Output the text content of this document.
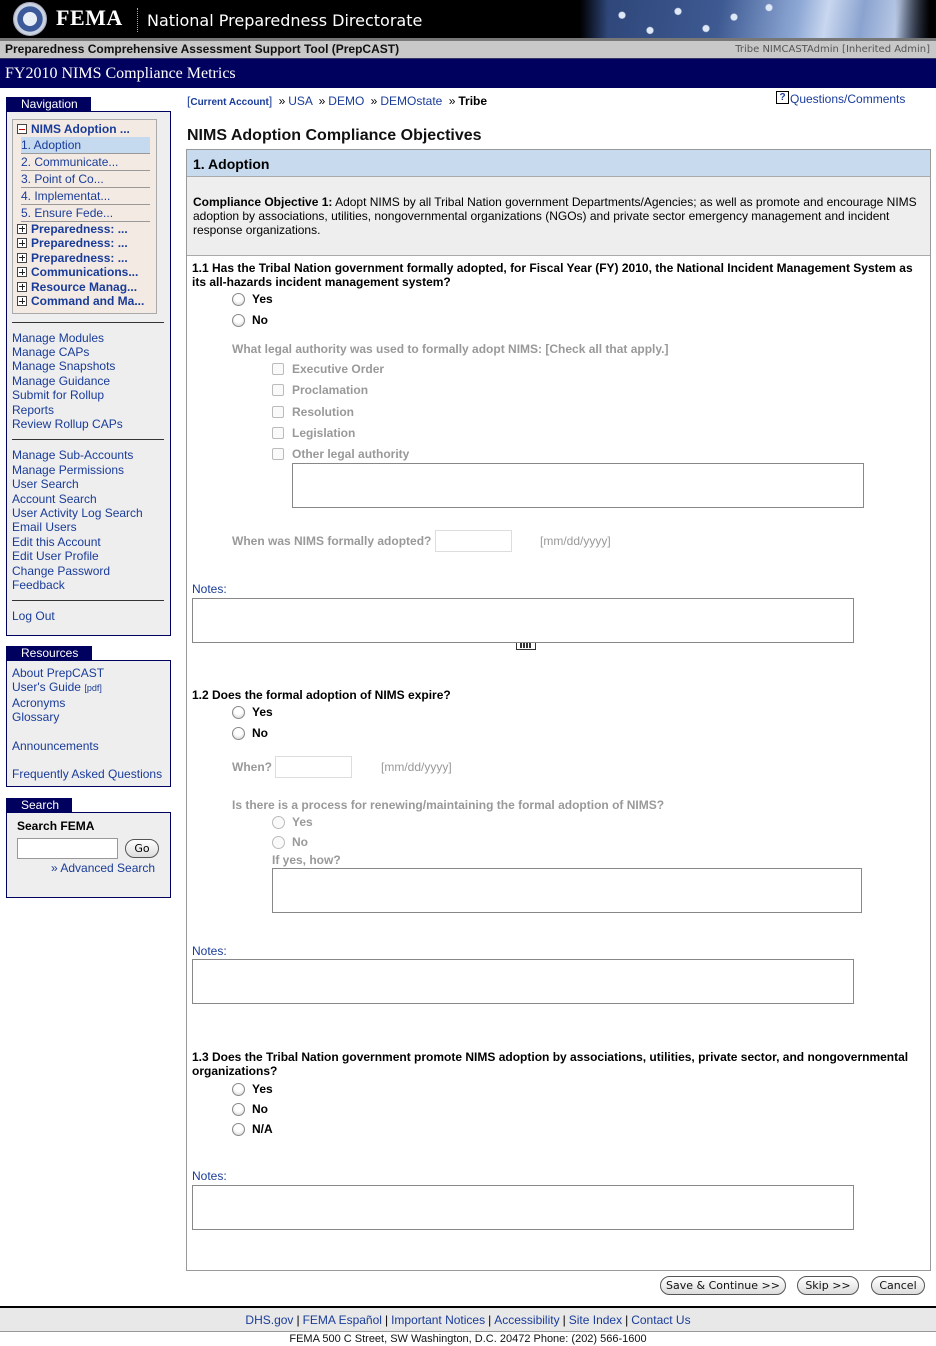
FEMA National Preparedness Directorate
Preparedness Comprehensive Assessment Support Tool (PrepCAST)	Tribe NIMCASTAdmin [Inherited Admin]
FY2010 NIMS Compliance Metrics
Navigation
NIMS Adoption ...
1. Adoption
2. Communicate...
3. Point of Co...
4. Implementat...
5. Ensure Fede...
Preparedness: ...
Preparedness: ...
Preparedness: ...
Communications...
Resource Manag...
Command and Ma...
Manage Modules
Manage CAPs
Manage Snapshots
Manage Guidance
Submit for Rollup
Reports
Review Rollup CAPs
Manage Sub-Accounts
Manage Permissions
User Search
Account Search
User Activity Log Search
Email Users
Edit this Account
Edit User Profile
Change Password
Feedback
Log Out
Resources
About PrepCAST
User's Guide [pdf]
Acronyms
Glossary
Announcements
Frequently Asked Questions
Search
Search FEMA
Go
» Advanced Search
[Current Account] » USA » DEMO » DEMOstate » Tribe	? Questions/Comments
NIMS Adoption Compliance Objectives
1. Adoption
Compliance Objective 1: Adopt NIMS by all Tribal Nation government Departments/Agencies; as well as promote and encourage NIMS adoption by associations, utilities, nongovernmental organizations (NGOs) and private sector emergency management and incident response organizations.
1.1 Has the Tribal Nation government formally adopted, for Fiscal Year (FY) 2010, the National Incident Management System as its all-hazards incident management system?
Yes
No
What legal authority was used to formally adopt NIMS: [Check all that apply.]
Executive Order
Proclamation
Resolution
Legislation
Other legal authority
When was NIMS formally adopted?	[mm/dd/yyyy]
Notes:
1.2 Does the formal adoption of NIMS expire?
Yes
No
When?	[mm/dd/yyyy]
Is there is a process for renewing/maintaining the formal adoption of NIMS?
Yes
No
If yes, how?
Notes:
1.3 Does the Tribal Nation government promote NIMS adoption by associations, utilities, private sector, and nongovernmental organizations?
Yes
No
N/A
Notes:
Save & Continue >>	Skip >>	Cancel
DHS.gov | FEMA Español | Important Notices | Accessibility | Site Index | Contact Us
FEMA 500 C Street, SW Washington, D.C. 20472 Phone: (202) 566-1600
